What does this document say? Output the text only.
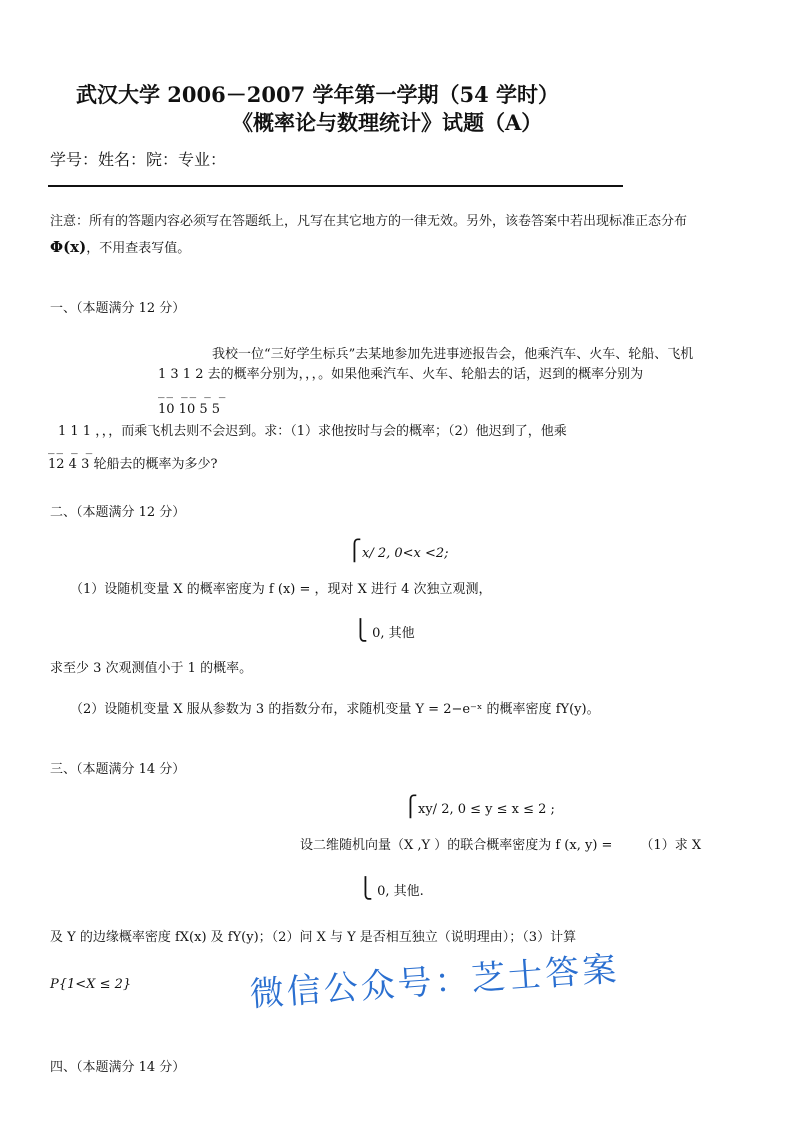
武汉大学 2006－2007 学年第一学期（54 学时）
《概率论与数理统计》试题（A）
学号：姓名：院：专业：
注意：所有的答题内容必须写在答题纸上，凡写在其它地方的一律无效。另外，该卷答案中若出现标准正态分布
Φ(x)，不用查表写值。
一、（本题满分 12 分）
我校一位“三好学生标兵”去某地参加先进事迹报告会，他乘汽车、火车、轮船、飞机
1 3 1 2 去的概率分别为，，，。如果他乘汽车、火车、轮船去的话，迟到的概率分别为
__ __ _ _
10 10 5 5
1 1 1 ，，，而乘飞机去则不会迟到。求：（1）求他按时与会的概率；（2）他迟到了，他乘
__ _ _
12 4 3 轮船去的概率为多少?
二、（本题满分 12 分）
⎧x/ 2, 0<x <2;
（1）设随机变量 X 的概率密度为 f (x) = ，现对 X 进行 4 次独立观测，
⎩ 0, 其他
求至少 3 次观测值小于 1 的概率。
（2）设随机变量 X 服从参数为 3 的指数分布，求随机变量 Y = 2−e⁻ˣ 的概率密度 fY(y)。
三、（本题满分 14 分）
⎧xy/ 2, 0 ≤ y ≤ x ≤ 2 ;
设二维随机向量（X ,Y ）的联合概率密度为 f (x, y) = （1）求 X
⎩ 0, 其他.
及 Y 的边缘概率密度 fX(x) 及 fY(y)；（2）问 X 与 Y 是否相互独立（说明理由）；（3）计算
P{1<X ≤ 2}
四、（本题满分 14 分）
微信公众号：芝士答案
